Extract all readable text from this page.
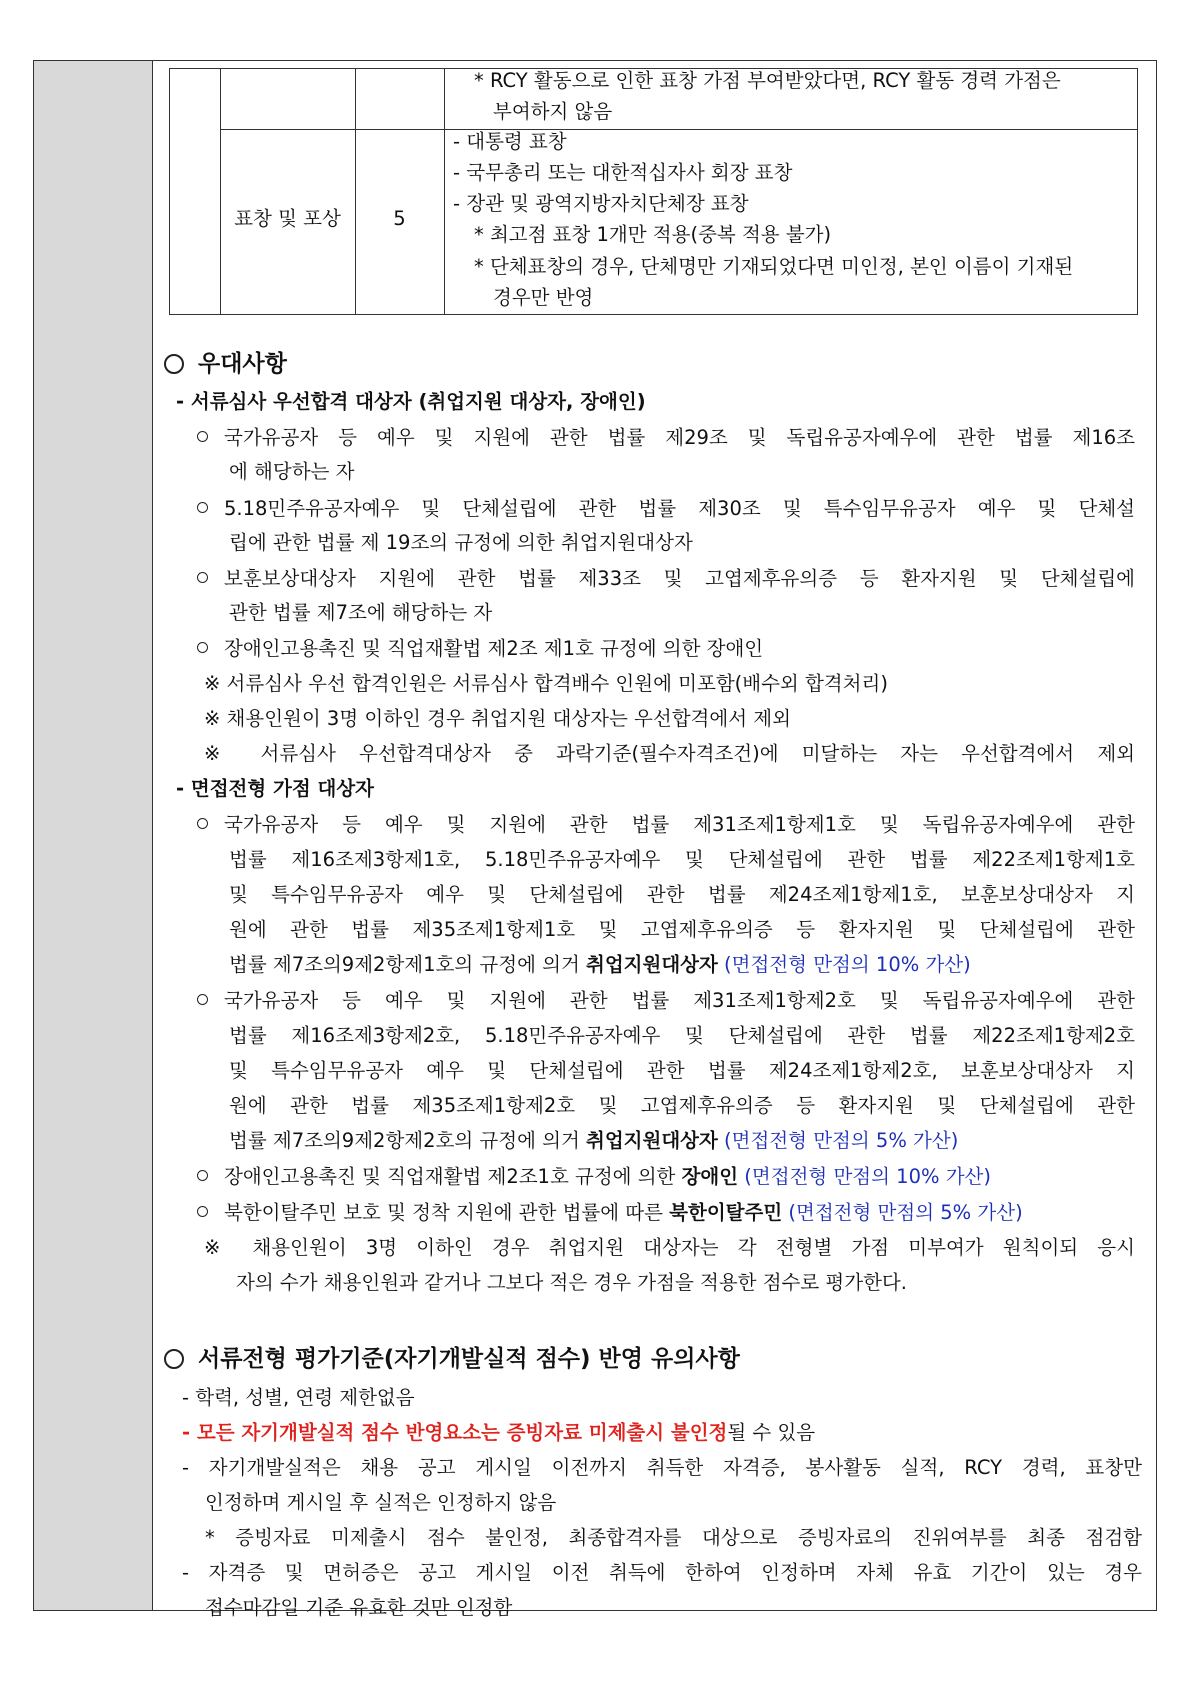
* RCY 활동으로 인한 표창 가점 부여받았다면, RCY 활동 경력 가점은
부여하지 않음
표창 및 포상	5
- 대통령 표창
- 국무총리 또는 대한적십자사 회장 표창
- 장관 및 광역지방자치단체장 표창
* 최고점 표창 1개만 적용(중복 적용 불가)
* 단체표창의 경우, 단체명만 기재되었다면 미인정, 본인 이름이 기재된
경우만 반영
우대사항
- 서류심사 우선합격 대상자 (취업지원 대상자, 장애인)
국가유공자 등 예우 및 지원에 관한 법률 제29조 및 독립유공자예우에 관한 법률 제16조
에 해당하는 자
5.18민주유공자예우 및 단체설립에 관한 법률 제30조 및 특수임무유공자 예우 및 단체설
립에 관한 법률 제 19조의 규정에 의한 취업지원대상자
보훈보상대상자 지원에 관한 법률 제33조 및 고엽제후유의증 등 환자지원 및 단체설립에
관한 법률 제7조에 해당하는 자
장애인고용촉진 및 직업재활법 제2조 제1호 규정에 의한 장애인
※ 서류심사 우선 합격인원은 서류심사 합격배수 인원에 미포함(배수외 합격처리)
※ 채용인원이 3명 이하인 경우 취업지원 대상자는 우선합격에서 제외
※ 서류심사 우선합격대상자 중 과락기준(필수자격조건)에 미달하는 자는 우선합격에서 제외
- 면접전형 가점 대상자
국가유공자 등 예우 및 지원에 관한 법률 제31조제1항제1호 및 독립유공자예우에 관한
법률 제16조제3항제1호, 5.18민주유공자예우 및 단체설립에 관한 법률 제22조제1항제1호
및 특수임무유공자 예우 및 단체설립에 관한 법률 제24조제1항제1호, 보훈보상대상자 지
원에 관한 법률 제35조제1항제1호 및 고엽제후유의증 등 환자지원 및 단체설립에 관한
법률 제7조의9제2항제1호의 규정에 의거 취업지원대상자 (면접전형 만점의 10% 가산)
국가유공자 등 예우 및 지원에 관한 법률 제31조제1항제2호 및 독립유공자예우에 관한
법률 제16조제3항제2호, 5.18민주유공자예우 및 단체설립에 관한 법률 제22조제1항제2호
및 특수임무유공자 예우 및 단체설립에 관한 법률 제24조제1항제2호, 보훈보상대상자 지
원에 관한 법률 제35조제1항제2호 및 고엽제후유의증 등 환자지원 및 단체설립에 관한
법률 제7조의9제2항제2호의 규정에 의거 취업지원대상자 (면접전형 만점의 5% 가산)
장애인고용촉진 및 직업재활법 제2조1호 규정에 의한 장애인 (면접전형 만점의 10% 가산)
북한이탈주민 보호 및 정착 지원에 관한 법률에 따른 북한이탈주민 (면접전형 만점의 5% 가산)
※ 채용인원이 3명 이하인 경우 취업지원 대상자는 각 전형별 가점 미부여가 원칙이되 응시
자의 수가 채용인원과 같거나 그보다 적은 경우 가점을 적용한 점수로 평가한다.
서류전형 평가기준(자기개발실적 점수) 반영 유의사항
- 학력, 성별, 연령 제한없음
- 모든 자기개발실적 점수 반영요소는 증빙자료 미제출시 불인정될 수 있음
- 자기개발실적은 채용 공고 게시일 이전까지 취득한 자격증, 봉사활동 실적, RCY 경력, 표창만
인정하며 게시일 후 실적은 인정하지 않음
* 증빙자료 미제출시 점수 불인정, 최종합격자를 대상으로 증빙자료의 진위여부를 최종 점검함
- 자격증 및 면허증은 공고 게시일 이전 취득에 한하여 인정하며 자체 유효 기간이 있는 경우
접수마감일 기준 유효한 것만 인정함
